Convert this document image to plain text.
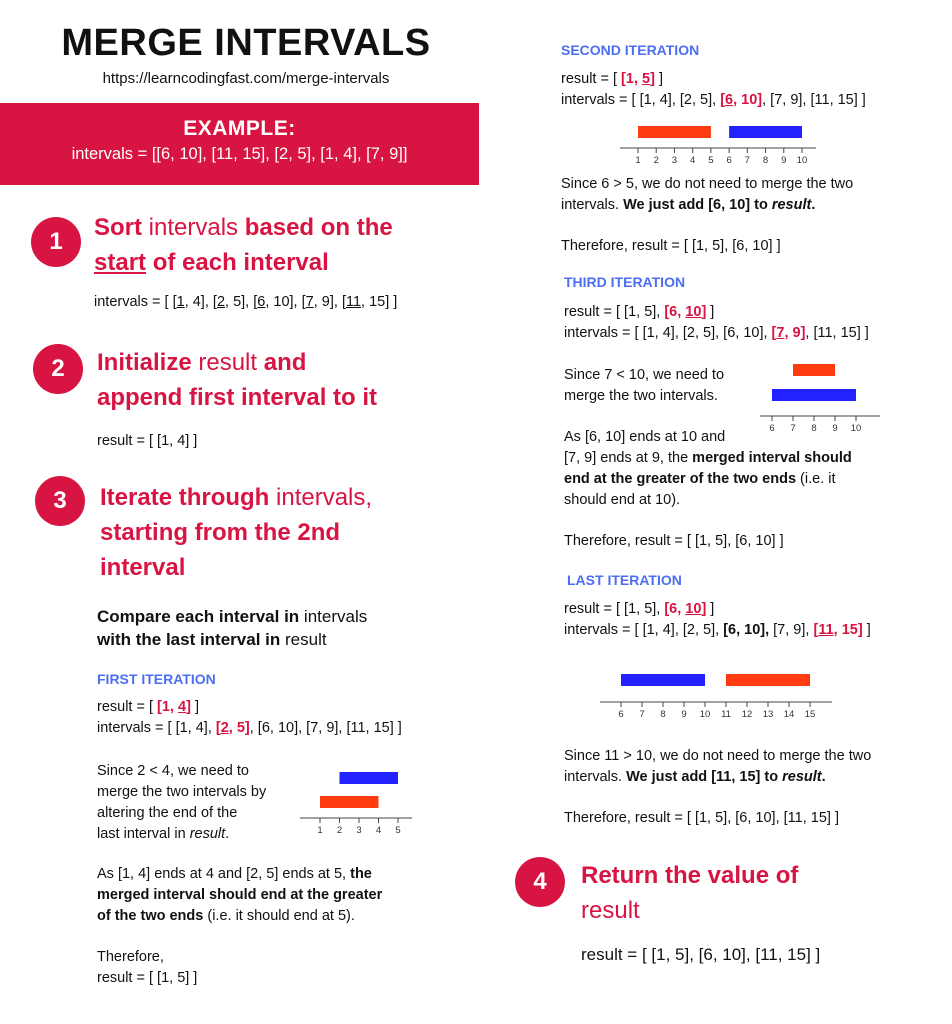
MERGE INTERVALS
https://learncodingfast.com/merge-intervals
EXAMPLE:
intervals = [[6, 10], [11, 15], [2, 5], [1, 4], [7, 9]]
1
Sort intervals based on the
start of each interval
intervals = [ [1, 4], [2, 5], [6, 10], [7, 9], [11, 15] ]
2	Initialize result and
append first interval to it
result = [ [1, 4] ]
3	Iterate through intervals,
starting from the 2nd
interval
Compare each interval in intervals
with the last interval in result
FIRST ITERATION
result = [ [1, 4] ]
intervals = [ [1, 4], [2, 5], [6, 10], [7, 9], [11, 15] ]
Since 2 < 4, we need to
merge the two intervals by
altering the end of the
last interval in result.	1 2 3 4 5
As [1, 4] ends at 4 and [2, 5] ends at 5, the
merged interval should end at the greater
of the two ends (i.e. it should end at 5).
Therefore,
result = [ [1, 5] ]
SECOND ITERATION
result = [ [1, 5] ]
intervals = [ [1, 4], [2, 5], [6, 10], [7, 9], [11, 15] ]
1 2 3 4 5 6 7 8 9 10
Since 6 > 5, we do not need to merge the two
intervals. We just add [6, 10] to result.
Therefore, result = [ [1, 5], [6, 10] ]
THIRD ITERATION
result = [ [1, 5], [6, 10] ]
intervals = [ [1, 4], [2, 5], [6, 10], [7, 9], [11, 15] ]
Since 7 < 10, we need to
merge the two intervals.
6 7 8 9 10
As [6, 10] ends at 10 and
[7, 9] ends at 9, the merged interval should
end at the greater of the two ends (i.e. it
should end at 10).
Therefore, result = [ [1, 5], [6, 10] ]
LAST ITERATION
result = [ [1, 5], [6, 10] ]
intervals = [ [1, 4], [2, 5], [6, 10], [7, 9], [11, 15] ]
6 7 8 9 10 11 12 13 14 15
Since 11 > 10, we do not need to merge the two
intervals. We just add [11, 15] to result.
Therefore, result = [ [1, 5], [6, 10], [11, 15] ]
4	Return the value of
result
result = [ [1, 5], [6, 10], [11, 15] ]
